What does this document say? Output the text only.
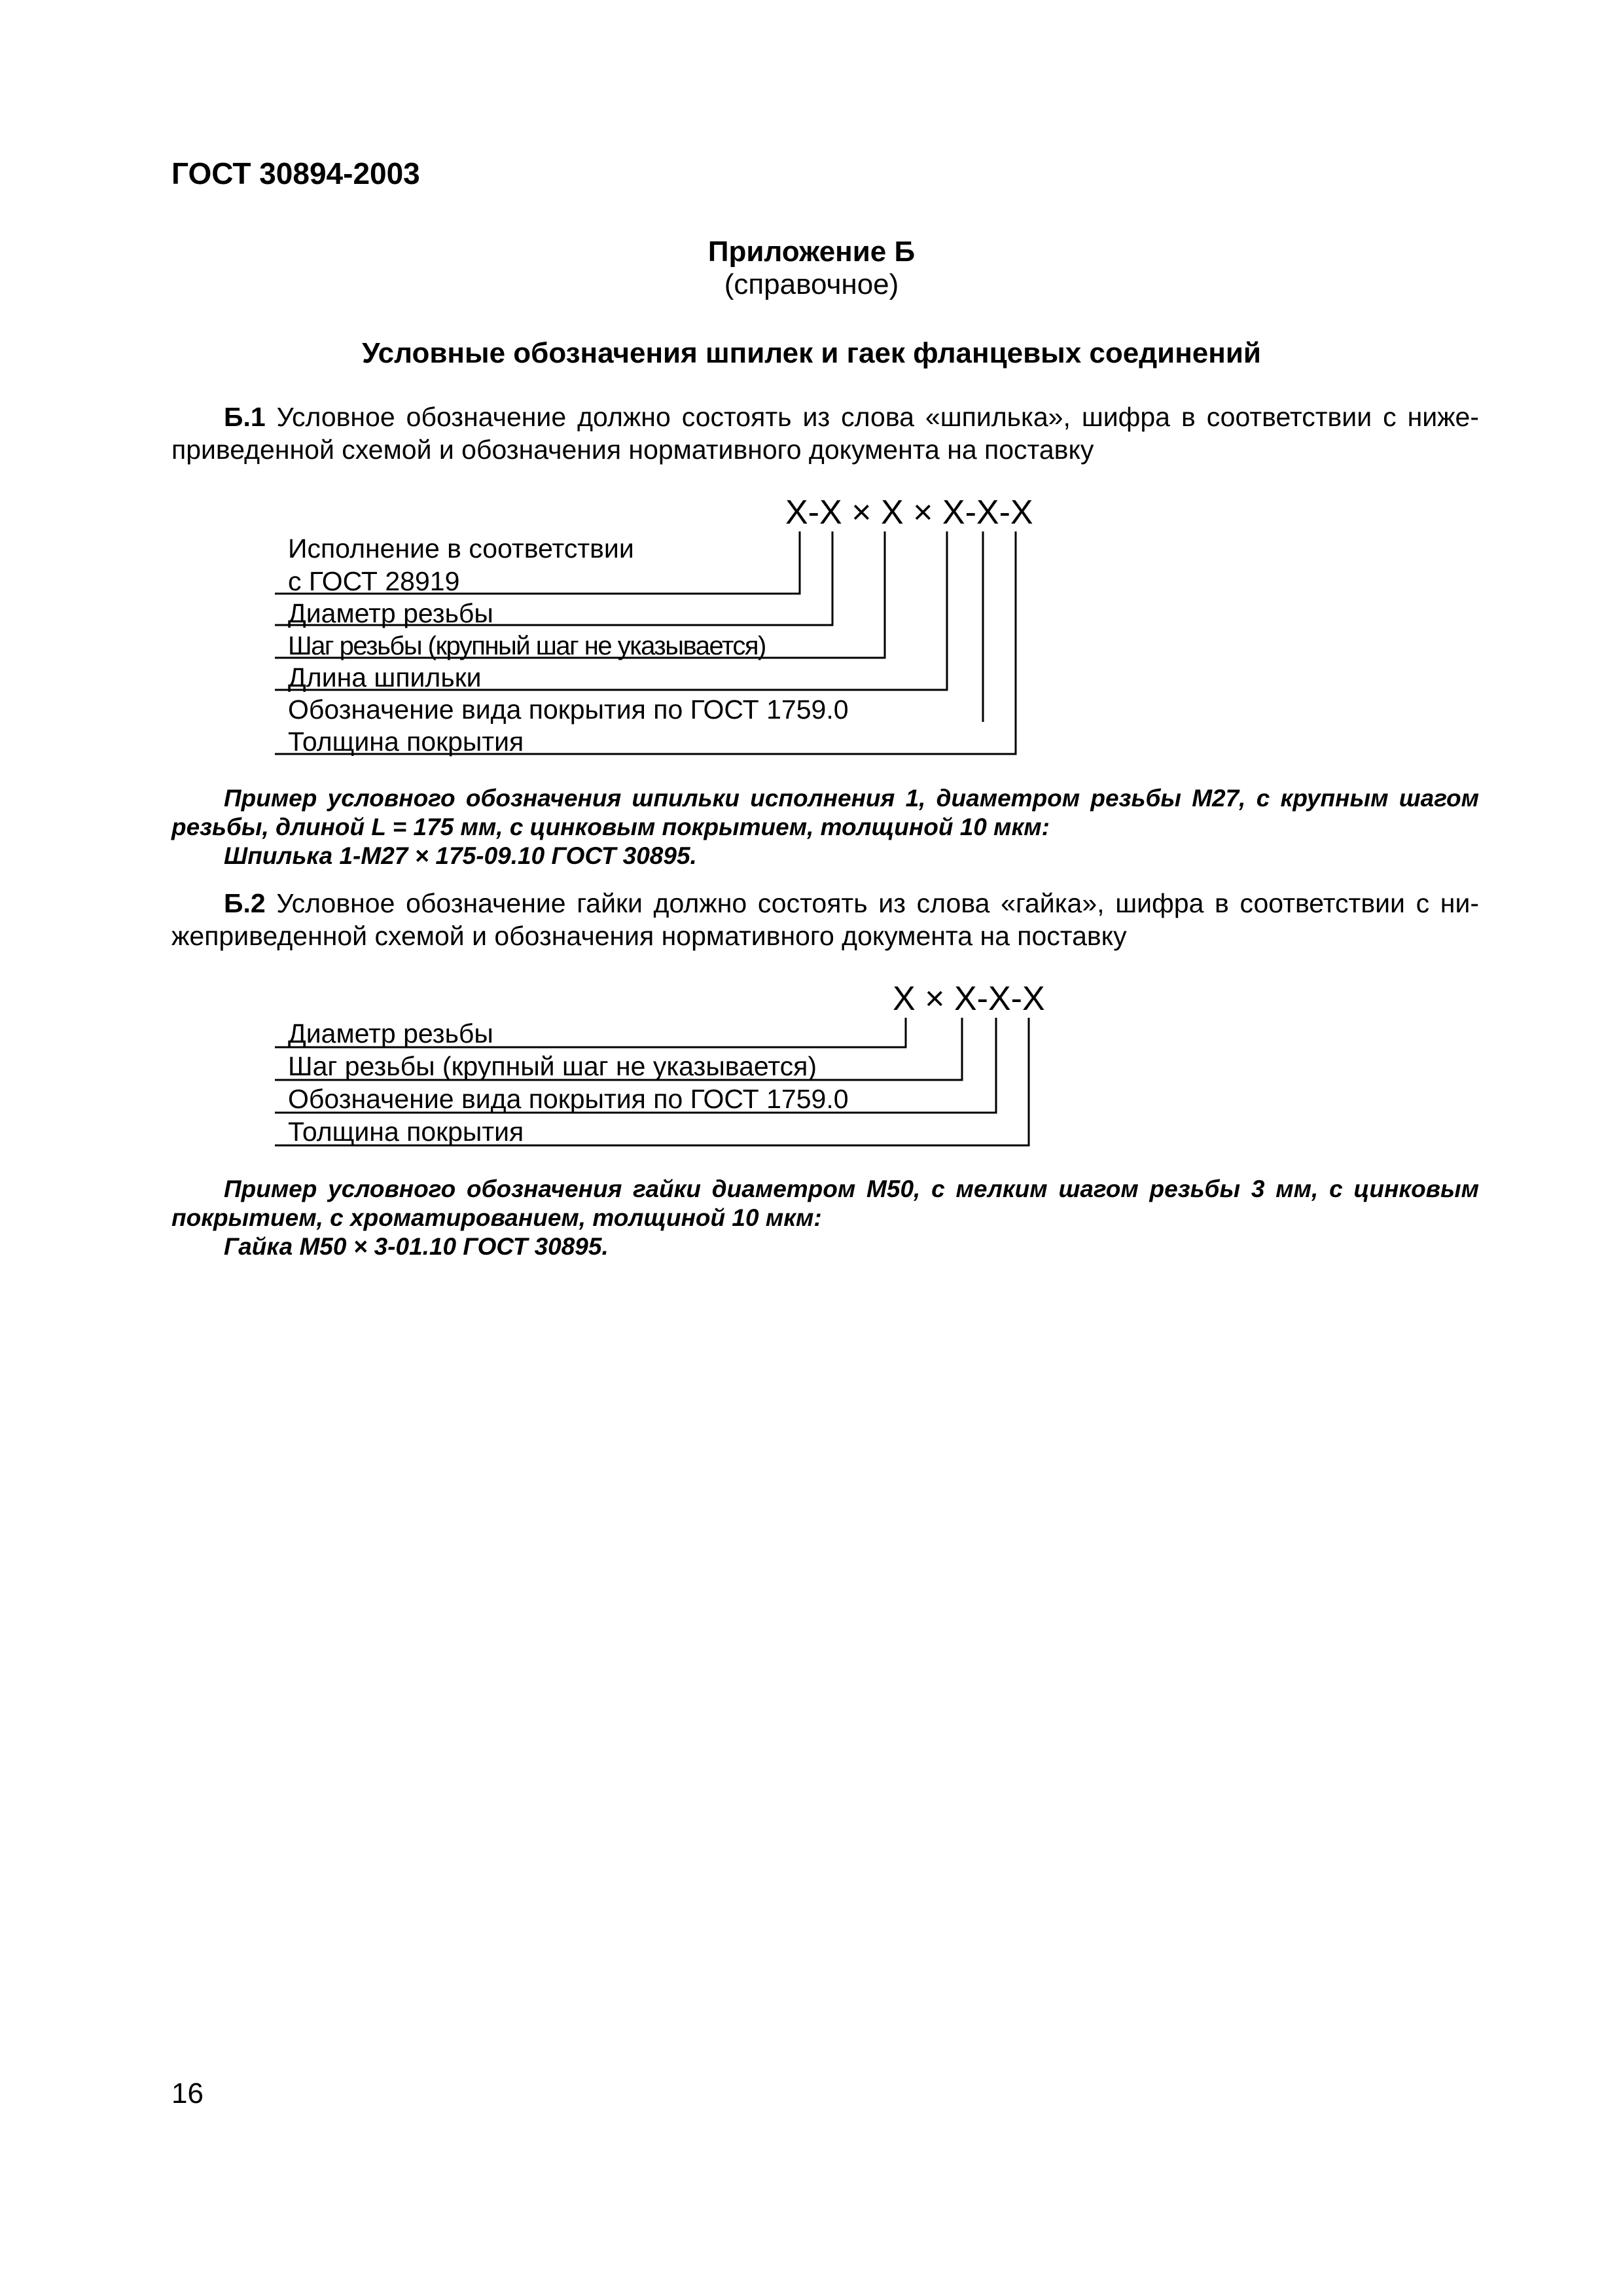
ГОСТ 30894-2003
Приложение Б
(справочное)
Условные обозначения шпилек и гаек фланцевых соединений
Б.1 Условное обозначение должно состоять из слова «шпилька», шифра в соответствии с ниже-
приведенной схемой и обозначения нормативного документа на поставку
X-X × X × X-X-X
Исполнение в соответствии
с ГОСТ 28919
Диаметр резьбы
Шаг резьбы (крупный шаг не указывается)
Длина шпильки
Обозначение вида покрытия по ГОСТ 1759.0
Толщина покрытия
X × X-X-X
Диаметр резьбы
Шаг резьбы (крупный шаг не указывается)
Обозначение вида покрытия по ГОСТ 1759.0
Толщина покрытия
Пример условного обозначения шпильки исполнения 1, диаметром резьбы М27, с крупным шагом
резьбы, длиной L = 175 мм, с цинковым покрытием, толщиной 10 мкм:
Шпилька 1-М27 × 175-09.10 ГОСТ 30895.
Б.2 Условное обозначение гайки должно состоять из слова «гайка», шифра в соответствии с ни-
жеприведенной схемой и обозначения нормативного документа на поставку
Пример условного обозначения гайки диаметром М50, с мелким шагом резьбы 3 мм, с цинковым
покрытием, с хроматированием, толщиной 10 мкм:
Гайка М50 × 3-01.10 ГОСТ 30895.
16
